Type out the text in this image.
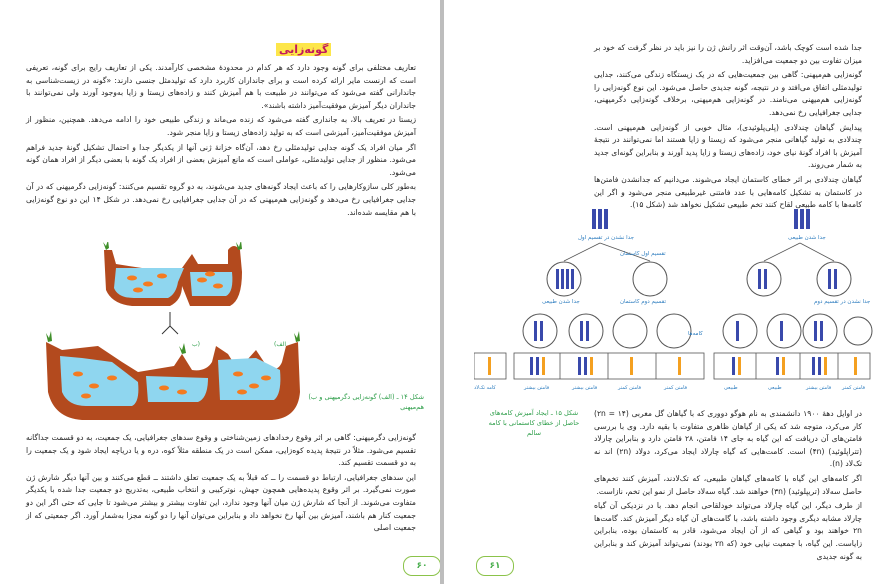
گونه‌زایی

تعاریف مختلفی برای گونه وجود دارد که هر کدام در محدودهٔ مشخصی کارآمدند. یکی از تعاریف رایج برای گونه، تعریفی است که ارنست مایر ارائه کرده است و برای جانداران کاربرد دارد که تولیدمثل جنسی دارند: «گونه در زیست‌شناسی به جاندارانی گفته می‌شود که می‌توانند در طبیعت با هم آمیزش کنند و زاده‌های زیستا و زایا به‌وجود آورند ولی نمی‌توانند با جانداران دیگر آمیزش موفقیت‌آمیز داشته باشند».

زیستا در تعریف بالا، به جانداری گفته می‌شود که زنده می‌ماند و زندگی طبیعی خود را ادامه می‌دهد. همچنین، منظور از آمیزش موفقیت‌آمیز، آمیزشی است که به تولید زاده‌های زیستا و زایا منجر شود.

اگر میان افراد یک گونه جدایی تولیدمثلی رخ دهد، آن‌گاه خزانهٔ ژنی آنها از یکدیگر جدا و احتمال تشکیل گونهٔ جدید فراهم می‌شود. منظور از جدایی تولیدمثلی، عواملی است که مانع آمیزش بعضی از افراد یک گونه با بعضی دیگر از افراد همان گونه می‌شود.

به‌طور کلی سازوکارهایی را که باعث ایجاد گونه‌های جدید می‌شوند، به دو گروه تقسیم می‌کنند: گونه‌زایی دگرمیهنی که در آن جدایی جغرافیایی رخ می‌دهد و گونه‌زایی هم‌میهنی که در آن جدایی جغرافیایی رخ نمی‌دهد. در شکل ۱۴ این دو نوع گونه‌زایی با هم مقایسه شده‌اند.

ب)	(الف
شکل ۱۴ ـ (الف) گونه‌زایی دگرمیهنی و ب) هم‌میهنی

گونه‌زایی دگرمیهنی: گاهی بر اثر وقوع رخدادهای زمین‌شناختی و وقوع سدهای جغرافیایی، یک جمعیت، به دو قسمت جداگانه تقسیم می‌شود. مثلاً در نتیجهٔ پدیده کوه‌زایی، ممکن است در یک منطقه مثلاً کوه، دره و یا دریاچه ایجاد شود و یک جمعیت را به دو قسمت تقسیم کند.

این سدهای جغرافیایی، ارتباط دو قسمت را ــ که قبلاً به یک جمعیت تعلق داشتند ــ قطع می‌کنند و بین آنها دیگر شارش ژن صورت نمی‌گیرد. بر اثر وقوع پدیده‌هایی همچون جهش، نوترکیبی و انتخاب طبیعی، به‌تدریج دو جمعیت جدا شده با یکدیگر متفاوت می‌شوند. از آنجا که شارش ژن میان آنها وجود ندارد، این تفاوت بیشتر و بیشتر می‌شود تا جایی که حتی اگر این دو جمعیت کنار هم باشند، آمیزش بین آنها رخ نخواهد داد و بنابراین می‌توان آنها را دو گونه مجزا به‌شمار آورد. اگر جمعیتی که از جمعیت اصلی

۶۰

جدا شده است کوچک باشد، آن‌وقت اثر رانش ژن را نیز باید در نظر گرفت که خود بر میزان تفاوت بین دو جمعیت می‌افزاید.

گونه‌زایی هم‌میهنی: گاهی بین جمعیت‌هایی که در یک زیستگاه زندگی می‌کنند، جدایی تولیدمثلی اتفاق می‌افتد و در نتیجه، گونه جدیدی حاصل می‌شود. این نوع گونه‌زایی را گونه‌زایی هم‌میهنی می‌نامند. در گونه‌زایی هم‌میهنی، برخلاف گونه‌زایی دگرمیهنی، جدایی جغرافیایی رخ نمی‌دهد.

پیدایش گیاهان چندلادی (پلی‌پلوئیدی)، مثال خوبی از گونه‌زایی هم‌میهنی است. چندلادی به تولید گیاهانی منجر می‌شود که زیستا و زایا هستند اما نمی‌توانند در نتیجهٔ آمیزش با افراد گونهٔ نیای خود، زاده‌های زیستا و زایا پدید آورند و بنابراین گونه‌ای جدید به شمار می‌روند.

گیاهان چندلادی بر اثر خطای کاستمان ایجاد می‌شوند. می‌دانیم که جدانشدن فامتن‌ها در کاستمان به تشکیل کامه‌هایی با عدد فامتنی غیرطبیعی منجر می‌شود و اگر این کامه‌ها با کامه طبیعی لقاح کنند تخم طبیعی تشکیل نخواهد شد (شکل ۱۵).

جدا نشدن در تقسیم اول
تقسیم اول کاستمان
جدا شدن طبیعی	تقسیم دوم کاستمان
کامه‌ها
فامتن بیشتر	فامتن بیشتر	فامتن کمتر	فامتن کمتر
جدا شدن طبیعی
جدا نشدن در تقسیم دوم
طبیعی	طبیعی	فامتن بیشتر فامتن کمتر
کامه تک‌لاد
شکل ۱۵ ـ ایجاد آمیزش کامه‌های حاصل از خطای کاستمانی با کامه سالم

در اوایل دههٔ ۱۹۰۰ دانشمندی به نام هوگو دووری که با گیاهان گل مغربی (۲n = ۱۴) کار می‌کرد، متوجه شد که یکی از گیاهان ظاهری متفاوت با بقیه دارد. وی با بررسی فامتن‌های آن دریافت که این گیاه به جای ۱۴ فامتن، ۲۸ فامتن دارد و بنابراین چارلاد (تتراپلوئید) (۴n) است. کامت‌هایی که گیاه چارلاد ایجاد می‌کرد، دولاد (۲n) اند نه تک‌لاد (n).

اگر کامه‌های این گیاه با کامه‌های گیاهان طبیعی، که تک‌لادند، آمیزش کنند تخم‌های حاصل سه‌لاد (تریپلوئید) (۳n) خواهند شد. گیاه سه‌لاد حاصل از نمو این تخم، نازاست.

از طرف دیگر، این گیاه چارلاد می‌تواند خودلقاحی انجام دهد. با در نزدیکی آن گیاه چارلاد مشابه دیگری وجود داشته باشد، با گامت‌های آن گیاه دیگر آمیزش کند. گامت‌ها ۲n خواهند بود و گیاهی که از آن ایجاد می‌شود، قادر به کاستمان بوده، بنابراین زایاست. این گیاه، با جمعیت نیایی خود (که ۲n بودند) نمی‌تواند آمیزش کند و بنابراین به گونه جدیدی

۶۱
